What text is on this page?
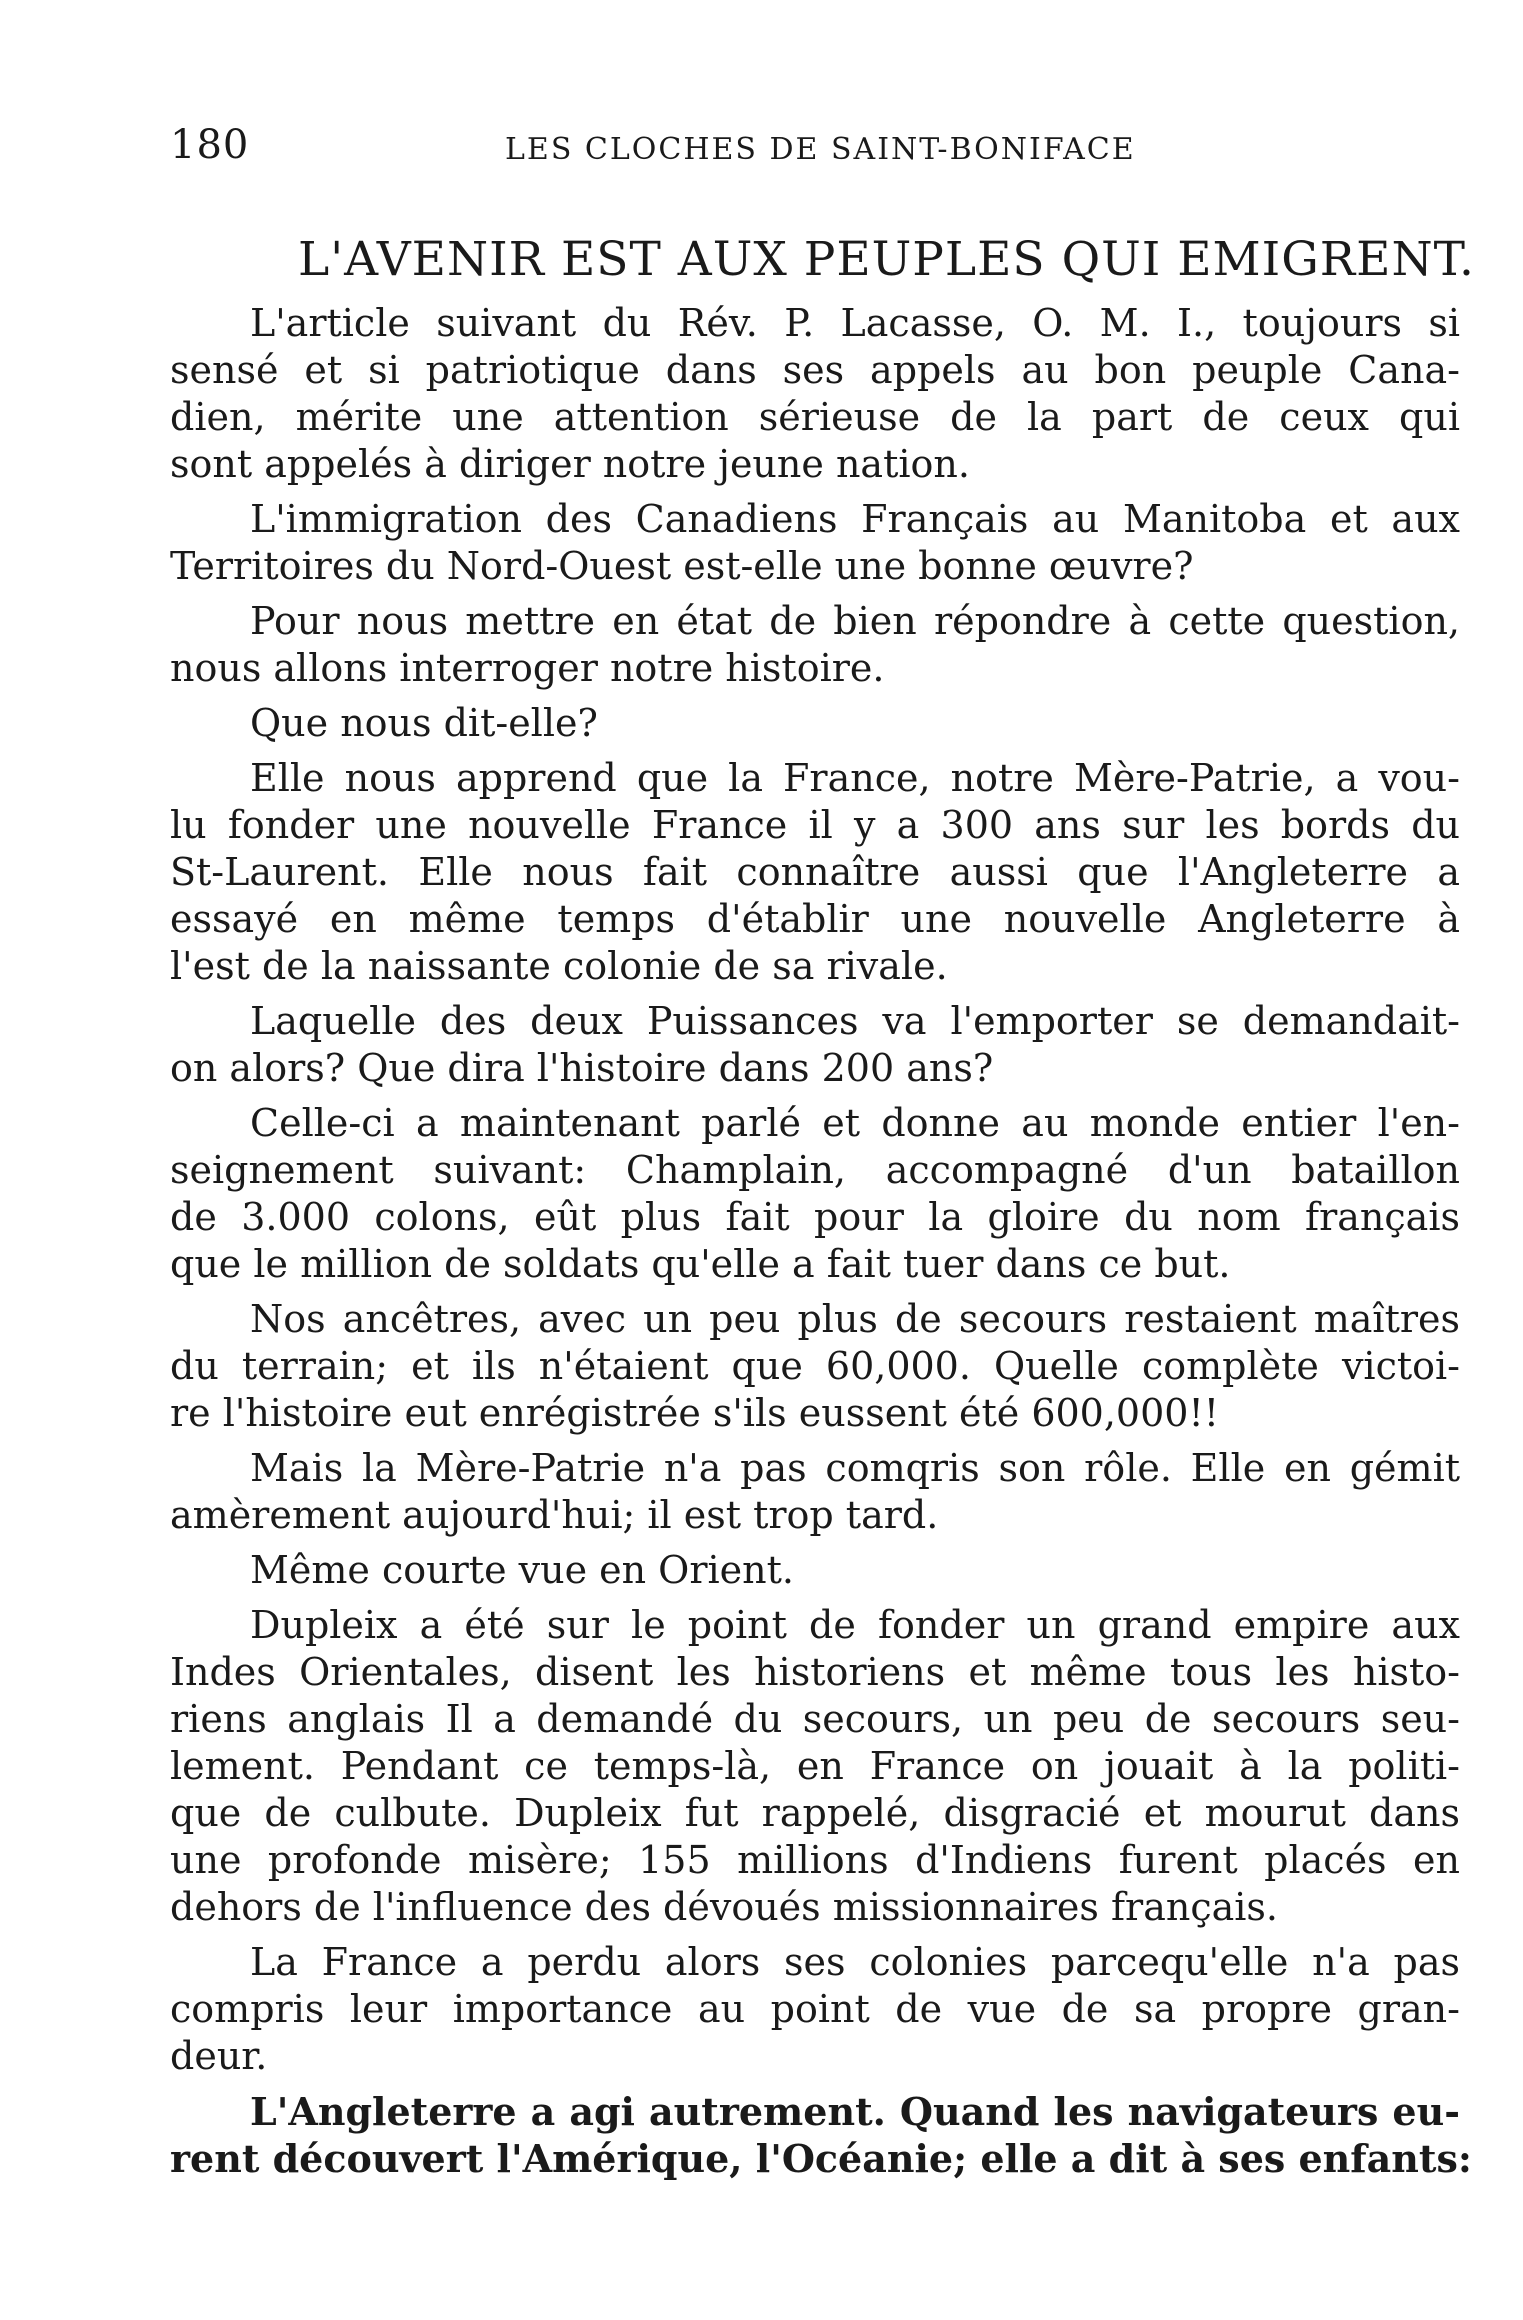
180	LES CLOCHES DE SAINT-BONIFACE
L'AVENIR EST AUX PEUPLES QUI EMIGRENT.
L'article suivant du Rév. P. Lacasse, O. M. I., toujours si
sensé et si patriotique dans ses appels au bon peuple Cana-
dien, mérite une attention sérieuse de la part de ceux qui
sont appelés à diriger notre jeune nation.
L'immigration des Canadiens Français au Manitoba et aux
Territoires du Nord-Ouest est-elle une bonne œuvre?
Pour nous mettre en état de bien répondre à cette question,
nous allons interroger notre histoire.
Que nous dit-elle?
Elle nous apprend que la France, notre Mère-Patrie, a vou-
lu fonder une nouvelle France il y a 300 ans sur les bords du
St-Laurent. Elle nous fait connaître aussi que l'Angleterre a
essayé en même temps d'établir une nouvelle Angleterre à
l'est de la naissante colonie de sa rivale.
Laquelle des deux Puissances va l'emporter se demandait-
on alors? Que dira l'histoire dans 200 ans?
Celle-ci a maintenant parlé et donne au monde entier l'en-
seignement suivant: Champlain, accompagné d'un bataillon
de 3.000 colons, eût plus fait pour la gloire du nom français
que le million de soldats qu'elle a fait tuer dans ce but.
Nos ancêtres, avec un peu plus de secours restaient maîtres
du terrain; et ils n'étaient que 60,000. Quelle complète victoi-
re l'histoire eut enrégistrée s'ils eussent été 600,000!!
Mais la Mère-Patrie n'a pas comqris son rôle. Elle en gémit
amèrement aujourd'hui; il est trop tard.
Même courte vue en Orient.
Dupleix a été sur le point de fonder un grand empire aux
Indes Orientales, disent les historiens et même tous les histo-
riens anglais Il a demandé du secours, un peu de secours seu-
lement. Pendant ce temps-là, en France on jouait à la politi-
que de culbute. Dupleix fut rappelé, disgracié et mourut dans
une profonde misère; 155 millions d'Indiens furent placés en
dehors de l'influence des dévoués missionnaires français.
La France a perdu alors ses colonies parcequ'elle n'a pas
compris leur importance au point de vue de sa propre gran-
deur.
L'Angleterre a agi autrement. Quand les navigateurs eu-
rent découvert l'Amérique, l'Océanie; elle a dit à ses enfants:
